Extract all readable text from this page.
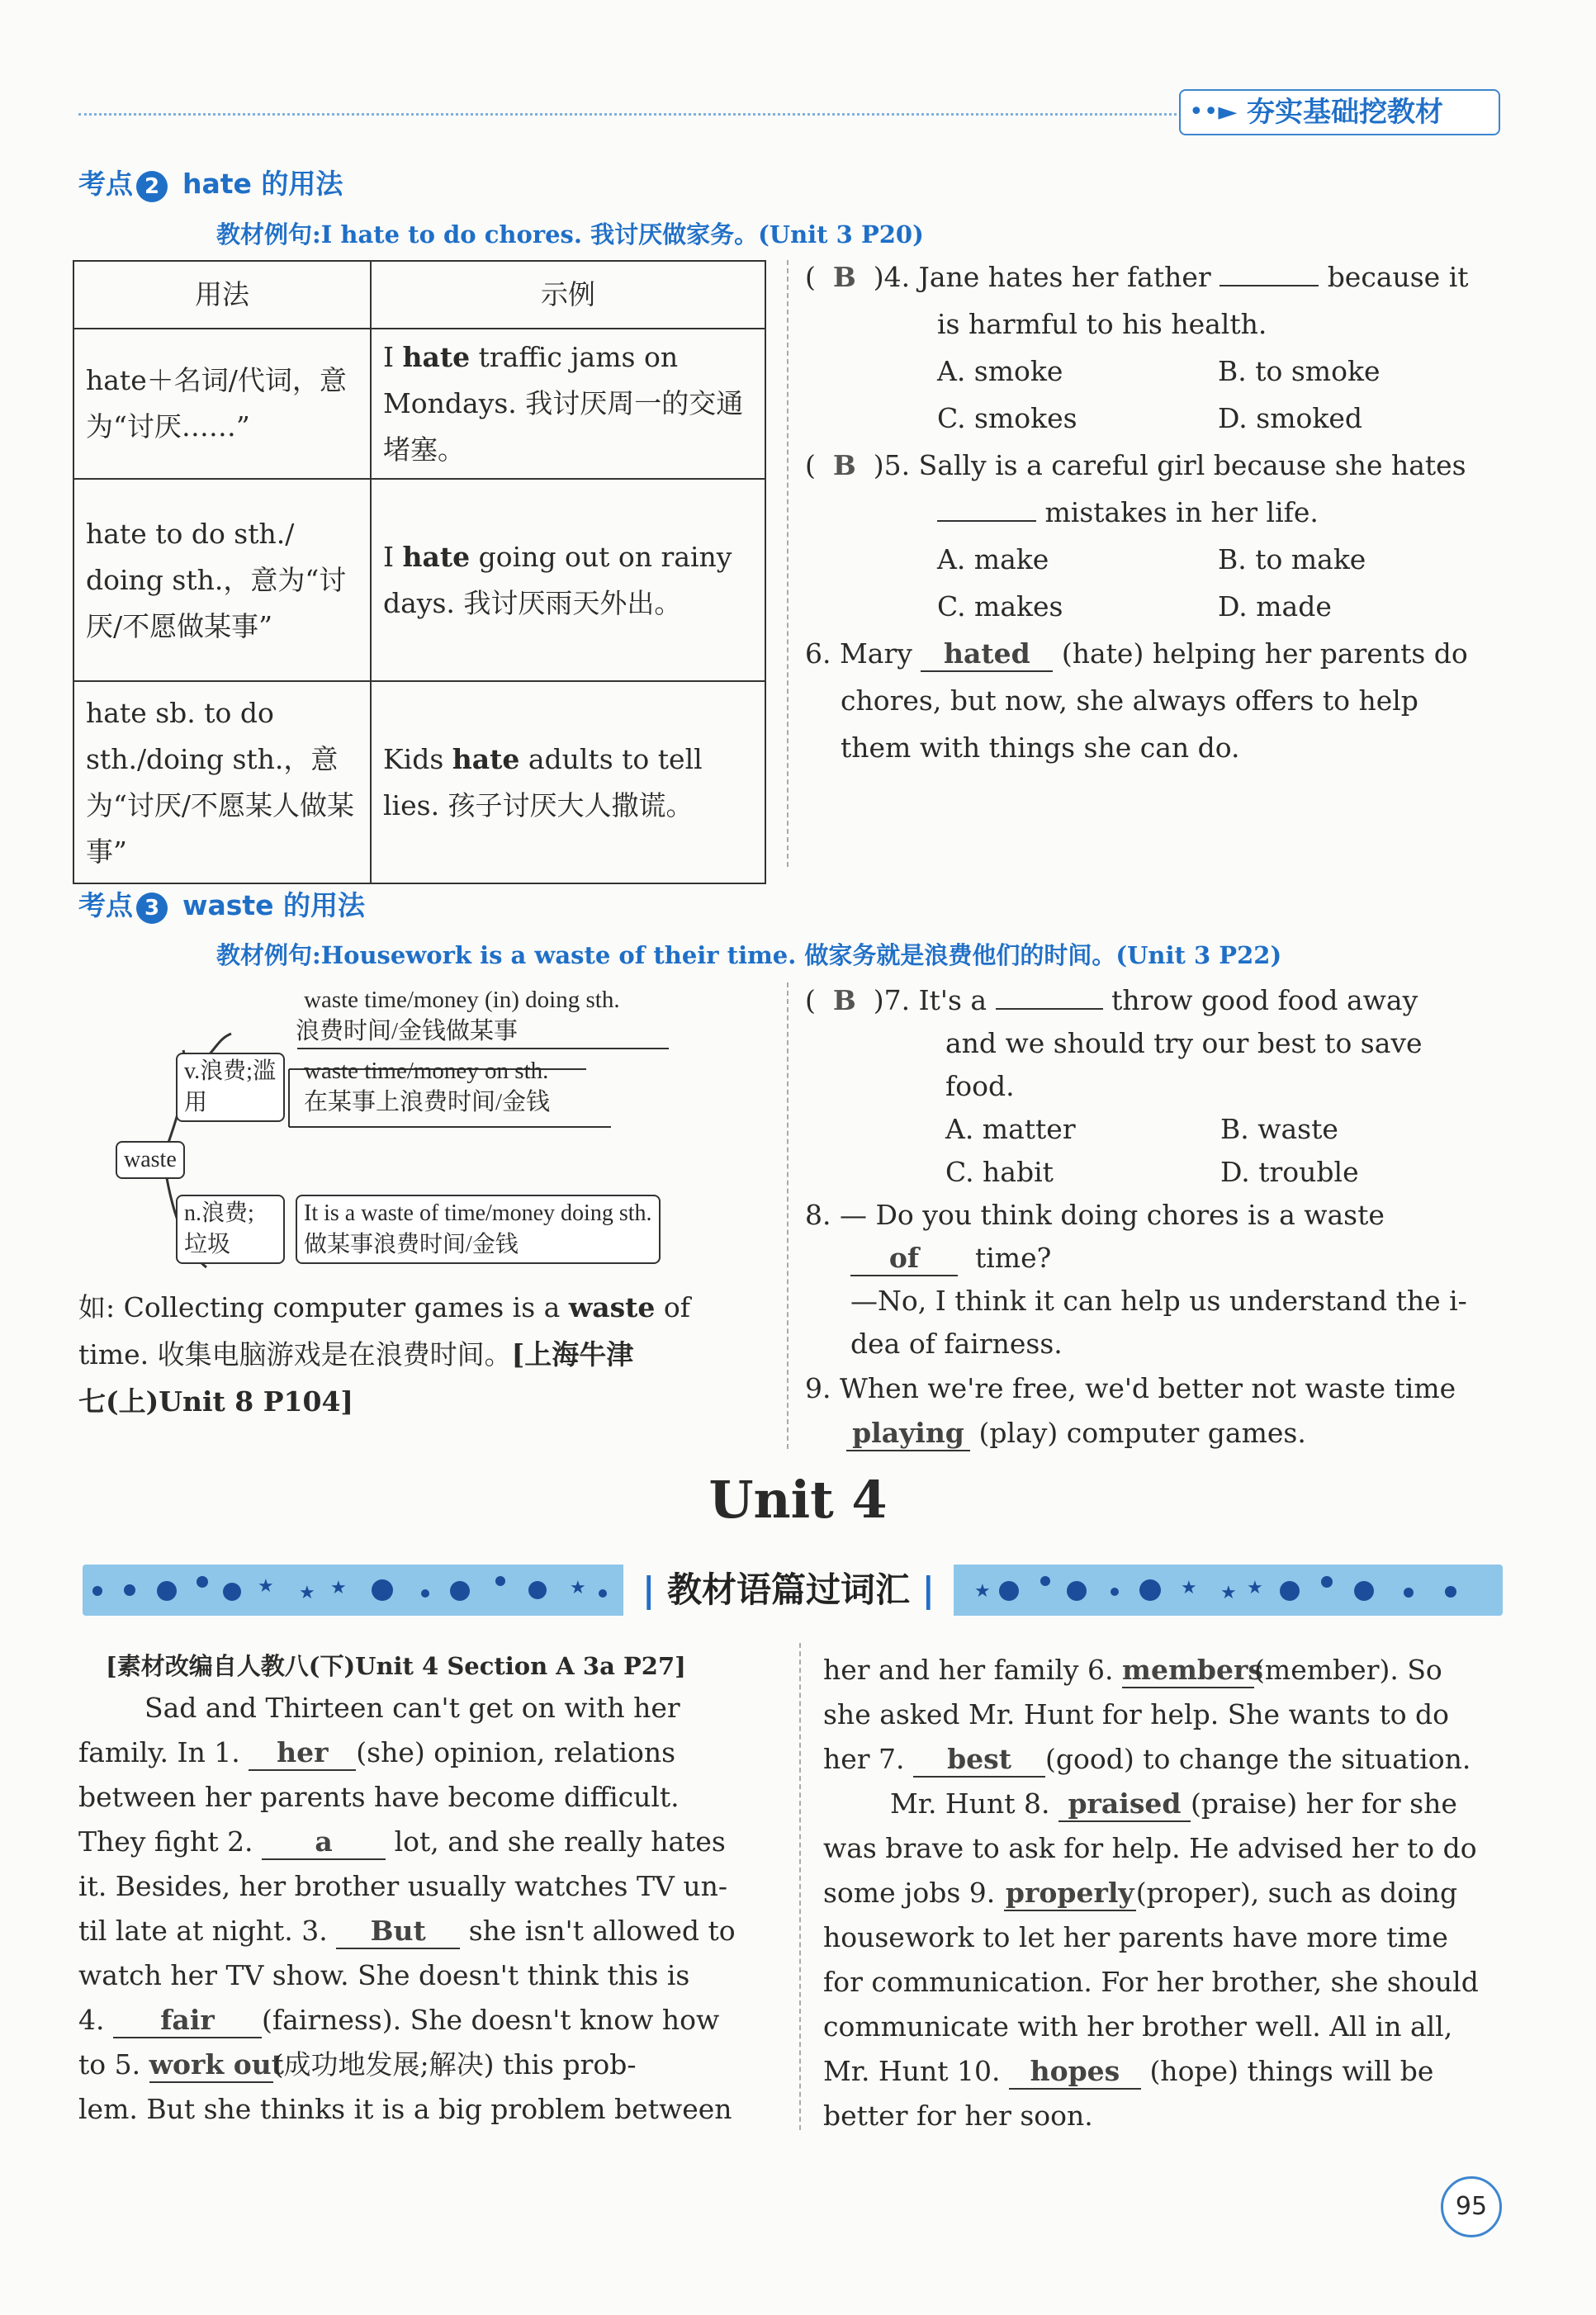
••► 夯实基础挖教材
考点 2 hate 的用法
教材例句:I hate to do chores. 我讨厌做家务。(Unit 3 P20)
用法	示例
hate＋名词/代词，意为“讨厌……”	I hate traffic jams on Mondays. 我讨厌周一的交通堵塞。
hate to do sth./ doing sth.，意为“讨厌/不愿做某事”	I hate going out on rainy days. 我讨厌雨天外出。
hate sb. to do sth./doing sth.，意为“讨厌/不愿某人做某事”	Kids hate adults to tell lies. 孩子讨厌大人撒谎。
(  B )4. Jane hates her father	because it
is harmful to his health.
A. smoke	B. to smoke
C. smokes	D. smoked
(  B )5. Sally is a careful girl because she hates
mistakes in her life.
A. make	B. to make
C. makes	D. made
6. Mary hated (hate) helping her parents do
chores, but now, she always offers to help
them with things she can do.
考点 3 waste 的用法
教材例句:Housework is a waste of their time. 做家务就是浪费他们的时间。(Unit 3 P22)
waste time/money (in) doing sth.
浪费时间/金钱做某事
v.浪费;滥用
waste time/money on sth.
在某事上浪费时间/金钱
waste
n.浪费;垃圾
It is a waste of time/money doing sth.
做某事浪费时间/金钱
如: Collecting computer games is a waste of
time. 收集电脑游戏是在浪费时间。[上海牛津
七(上)Unit 8 P104]
(  B )7. It's a	throw good food away
and we should try our best to save
food.
A. matter	B. waste
C. habit	D. trouble
8. — Do you think doing chores is a waste
of time?
—No, I think it can help us understand the i-
dea of fairness.
9. When we're free, we'd better not waste time
playing (play) computer games.
Unit 4
★ ★ ★	★	| 教材语篇过词汇 |	★	★ ★ ★
[素材改编自人教八(下)Unit 4 Section A 3a P27]
Sad and Thirteen can't get on with her
family. In 1. her (she) opinion, relations
between her parents have become difficult.
They fight 2. a lot, and she really hates
it. Besides, her brother usually watches TV un-
til late at night. 3. But she isn't allowed to
watch her TV show. She doesn't think this is
4. fair (fairness). She doesn't know how
to 5. work out(成功地发展;解决) this prob-
lem. But she thinks it is a big problem between
her and her family 6. members(member). So
she asked Mr. Hunt for help. She wants to do
her 7. best (good) to change the situation.
Mr. Hunt 8. praised (praise) her for she
was brave to ask for help. He advised her to do
some jobs 9. properly(proper), such as doing
housework to let her parents have more time
for communication. For her brother, she should
communicate with her brother well. All in all,
Mr. Hunt 10. hopes (hope) things will be
better for her soon.
95
